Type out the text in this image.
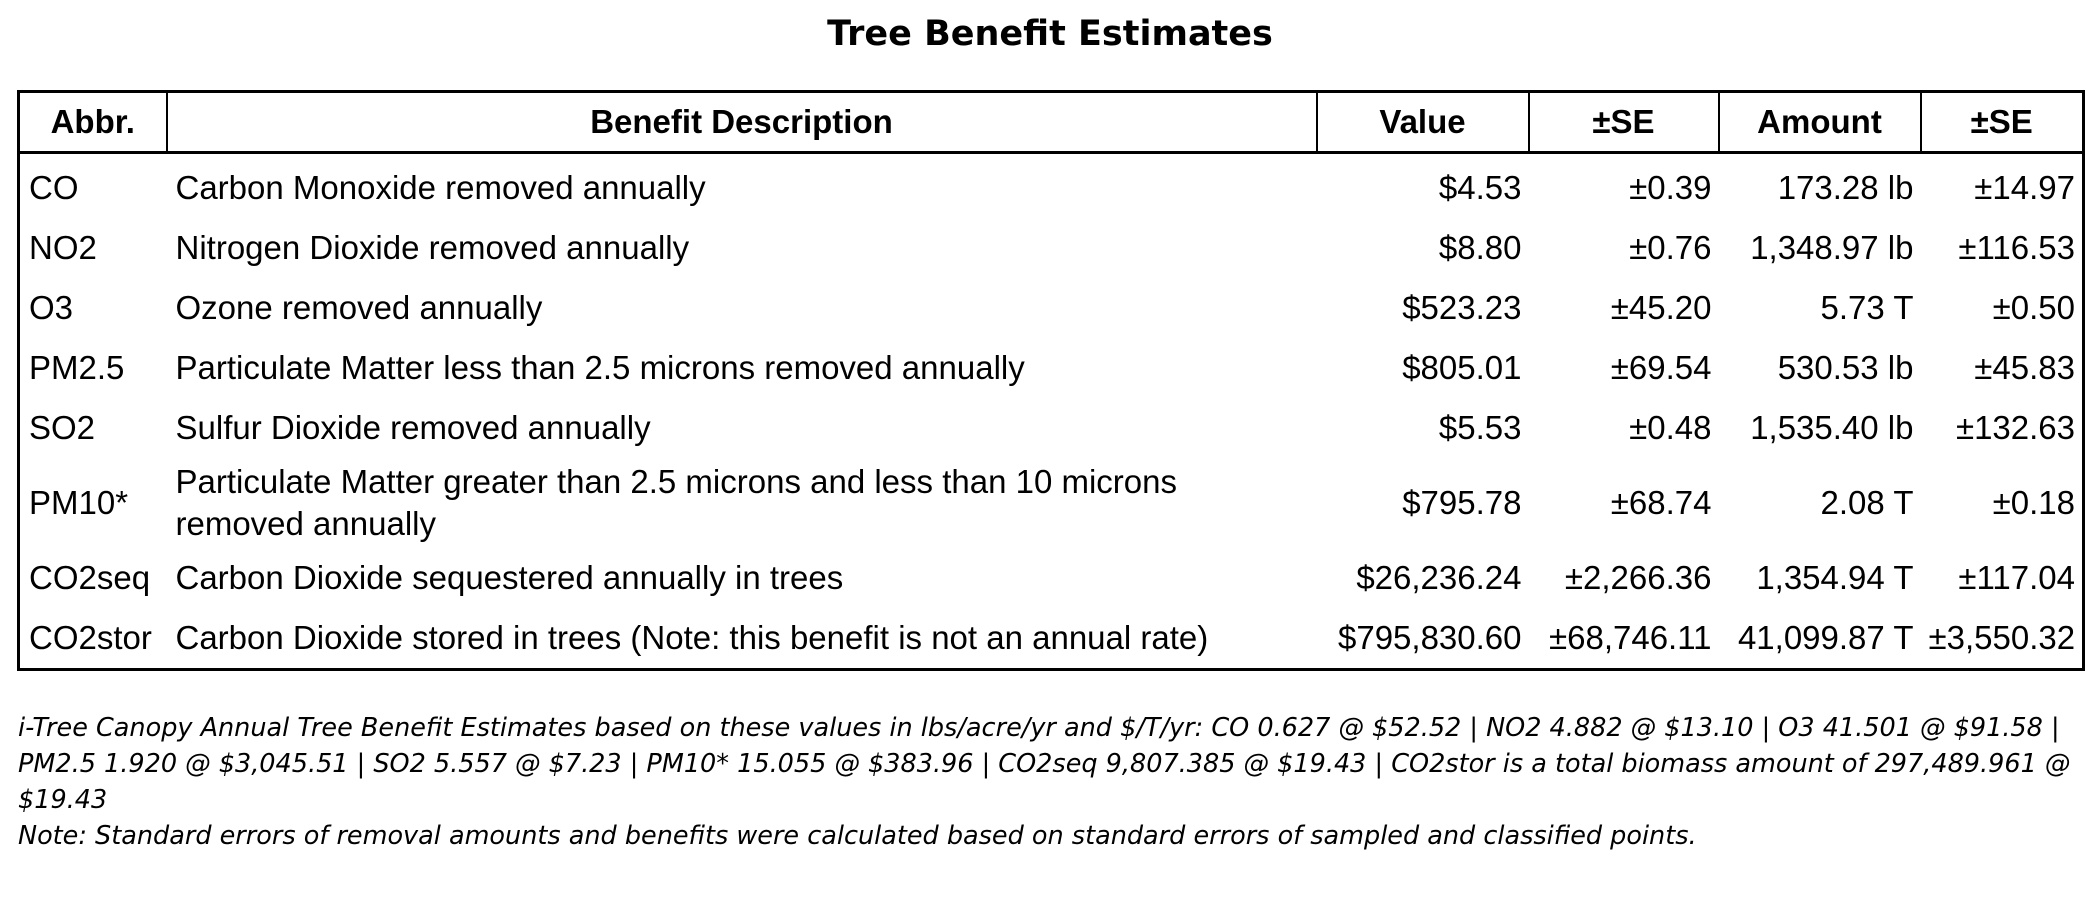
Tree Benefit Estimates
Abbr.	Benefit Description	Value	±SE	Amount	±SE
CO	Carbon Monoxide removed annually	$4.53	±0.39	173.28 lb	±14.97
NO2	Nitrogen Dioxide removed annually	$8.80	±0.76	1,348.97 lb	±116.53
O3	Ozone removed annually	$523.23	±45.20	5.73 T	±0.50
PM2.5	Particulate Matter less than 2.5 microns removed annually	$805.01	±69.54	530.53 lb	±45.83
SO2	Sulfur Dioxide removed annually	$5.53	±0.48	1,535.40 lb	±132.63
PM10*	Particulate Matter greater than 2.5 microns and less than 10 microns removed annually	$795.78	±68.74	2.08 T	±0.18
CO2seq	Carbon Dioxide sequestered annually in trees	$26,236.24	±2,266.36	1,354.94 T	±117.04
CO2stor	Carbon Dioxide stored in trees (Note: this benefit is not an annual rate)	$795,830.60	±68,746.11	41,099.87 T	±3,550.32

i-Tree Canopy Annual Tree Benefit Estimates based on these values in lbs/acre/yr and $/T/yr: CO 0.627 @ $52.52 | NO2 4.882 @ $13.10 | O3 41.501 @ $91.58 | PM2.5 1.920 @ $3,045.51 | SO2 5.557 @ $7.23 | PM10* 15.055 @ $383.96 | CO2seq 9,807.385 @ $19.43 | CO2stor is a total biomass amount of 297,489.961 @ $19.43

Note: Standard errors of removal amounts and benefits were calculated based on standard errors of sampled and classified points.
